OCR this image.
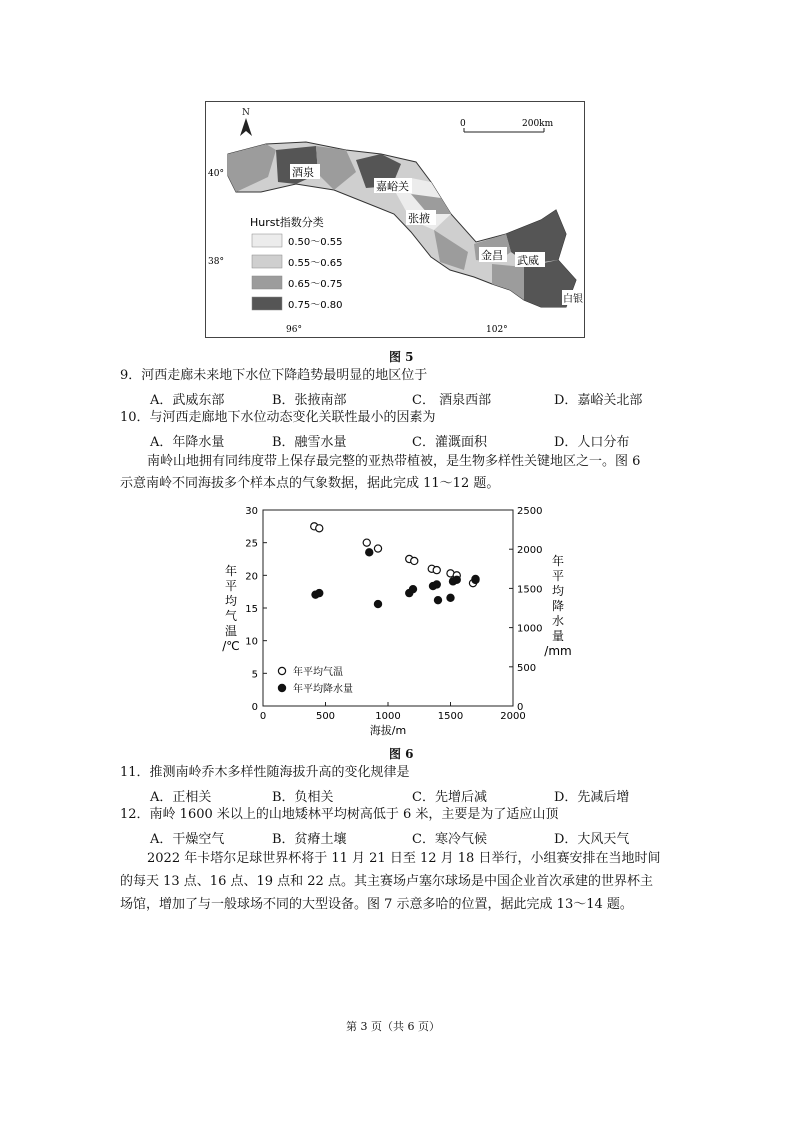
N
0	200km
40°
38°
96°	102°
酒泉
嘉峪关
张掖
金昌 武威
白银
Hurst指数分类
0.50～0.55
0.55～0.65
0.65～0.75
0.75～0.80
图 5
9．河西走廊未来地下水位下降趋势最明显的地区位于
A．武威东部	B．张掖南部	C． 酒泉西部	D．嘉峪关北部
10．与河西走廊地下水位动态变化关联性最小的因素为
A．年降水量	B．融雪水量	C．灌溉面积	D．人口分布
南岭山地拥有同纬度带上保存最完整的亚热带植被，是生物多样性关键地区之一。图 6
示意南岭不同海拔多个样本点的气象数据，据此完成 11～12 题。
0	500	1000	1500	2000
0
5
10
15
20
25
30
0
500
1000
1500
2000
2500
海拔/m
年
平
均
气
温
/℃
年
平
均
降
水
量
/mm
年平均气温
年平均降水量
图 6
11．推测南岭乔木多样性随海拔升高的变化规律是
A．正相关	B．负相关	C．先增后减	D．先减后增
12．南岭 1600 米以上的山地矮林平均树高低于 6 米，主要是为了适应山顶
A．干燥空气	B．贫瘠土壤	C．寒冷气候	D．大风天气
2022 年卡塔尔足球世界杯将于 11 月 21 日至 12 月 18 日举行，小组赛安排在当地时间
的每天 13 点、16 点、19 点和 22 点。其主赛场卢塞尔球场是中国企业首次承建的世界杯主
场馆，增加了与一般球场不同的大型设备。图 7 示意多哈的位置，据此完成 13～14 题。
第 3 页（共 6 页）
